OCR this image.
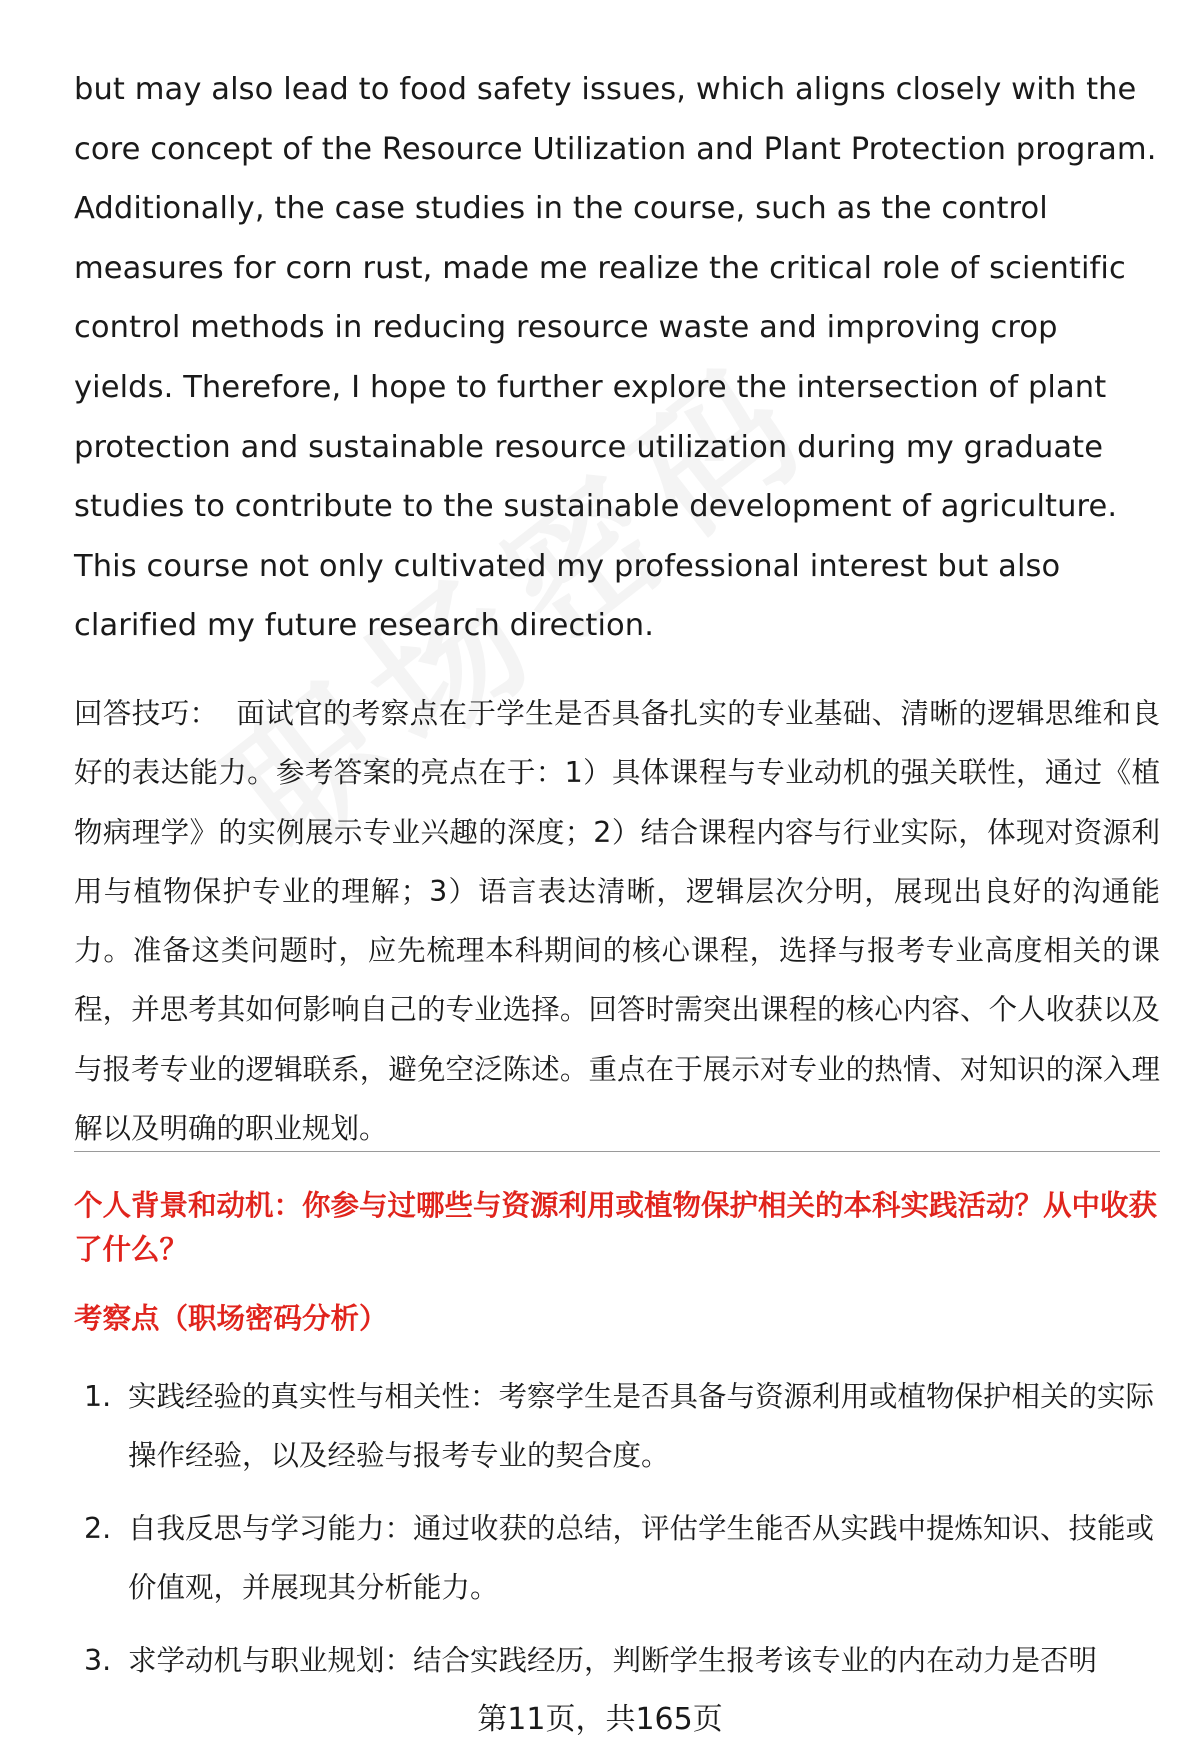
but may also lead to food safety issues, which aligns closely with the core concept of the Resource Utilization and Plant Protection program. Additionally, the case studies in the course, such as the control measures for corn rust, made me realize the critical role of scientific control methods in reducing resource waste and improving crop yields. Therefore, I hope to further explore the intersection of plant protection and sustainable resource utilization during my graduate studies to contribute to the sustainable development of agriculture. This course not only cultivated my professional interest but also clarified my future research direction.

回答技巧： 面试官的考察点在于学生是否具备扎实的专业基础、清晰的逻辑思维和良好的表达能力。参考答案的亮点在于：1）具体课程与专业动机的强关联性，通过《植物病理学》的实例展示专业兴趣的深度；2）结合课程内容与行业实际，体现对资源利用与植物保护专业的理解；3）语言表达清晰，逻辑层次分明，展现出良好的沟通能力。准备这类问题时，应先梳理本科期间的核心课程，选择与报考专业高度相关的课程，并思考其如何影响自己的专业选择。回答时需突出课程的核心内容、个人收获以及与报考专业的逻辑联系，避免空泛陈述。重点在于展示对专业的热情、对知识的深入理解以及明确的职业规划。

个人背景和动机：你参与过哪些与资源利用或植物保护相关的本科实践活动？从中收获了什么？

考察点（职场密码分析）

1. 实践经验的真实性与相关性：考察学生是否具备与资源利用或植物保护相关的实际操作经验，以及经验与报考专业的契合度。
2. 自我反思与学习能力：通过收获的总结，评估学生能否从实践中提炼知识、技能或价值观，并展现其分析能力。
3. 求学动机与职业规划：结合实践经历，判断学生报考该专业的内在动力是否明
第11页，共165页
